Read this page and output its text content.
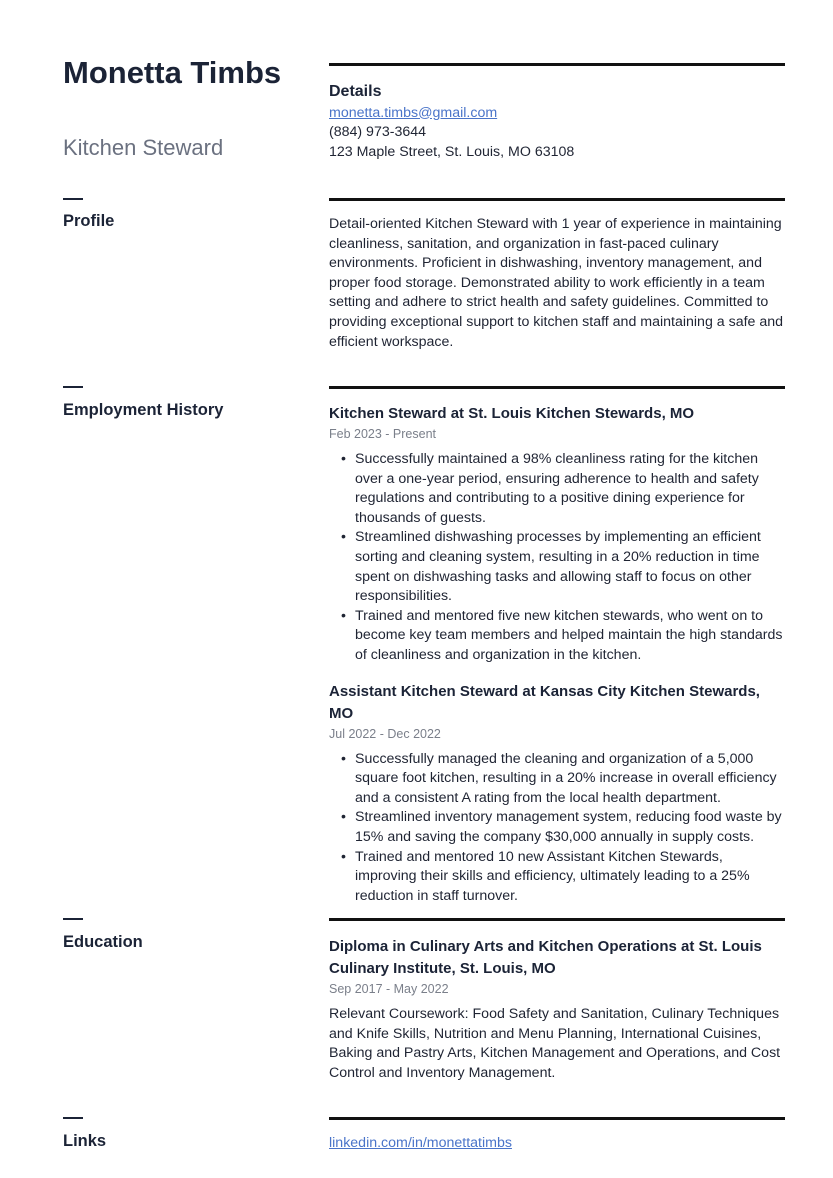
Monetta Timbs
Kitchen Steward
Details
monetta.timbs@gmail.com
(884) 973-3644
123 Maple Street, St. Louis, MO 63108
Profile	Detail-oriented Kitchen Steward with 1 year of experience in maintaining cleanliness, sanitation, and organization in fast-paced culinary environments. Proficient in dishwashing, inventory management, and proper food storage. Demonstrated ability to work efficiently in a team setting and adhere to strict health and safety guidelines. Committed to providing exceptional support to kitchen staff and maintaining a safe and efficient workspace.
Employment History	Kitchen Steward at St. Louis Kitchen Stewards, MO
Feb 2023 - Present
• Successfully maintained a 98% cleanliness rating for the kitchen over a one-year period, ensuring adherence to health and safety regulations and contributing to a positive dining experience for thousands of guests.
• Streamlined dishwashing processes by implementing an efficient sorting and cleaning system, resulting in a 20% reduction in time spent on dishwashing tasks and allowing staff to focus on other responsibilities.
• Trained and mentored five new kitchen stewards, who went on to become key team members and helped maintain the high standards of cleanliness and organization in the kitchen.
Assistant Kitchen Steward at Kansas City Kitchen Stewards, MO
Jul 2022 - Dec 2022
• Successfully managed the cleaning and organization of a 5,000 square foot kitchen, resulting in a 20% increase in overall efficiency and a consistent A rating from the local health department.
• Streamlined inventory management system, reducing food waste by 15% and saving the company $30,000 annually in supply costs.
• Trained and mentored 10 new Assistant Kitchen Stewards, improving their skills and efficiency, ultimately leading to a 25% reduction in staff turnover.
Education	Diploma in Culinary Arts and Kitchen Operations at St. Louis Culinary Institute, St. Louis, MO
Sep 2017 - May 2022
Relevant Coursework: Food Safety and Sanitation, Culinary Techniques and Knife Skills, Nutrition and Menu Planning, International Cuisines, Baking and Pastry Arts, Kitchen Management and Operations, and Cost Control and Inventory Management.
Links	linkedin.com/in/monettatimbs
